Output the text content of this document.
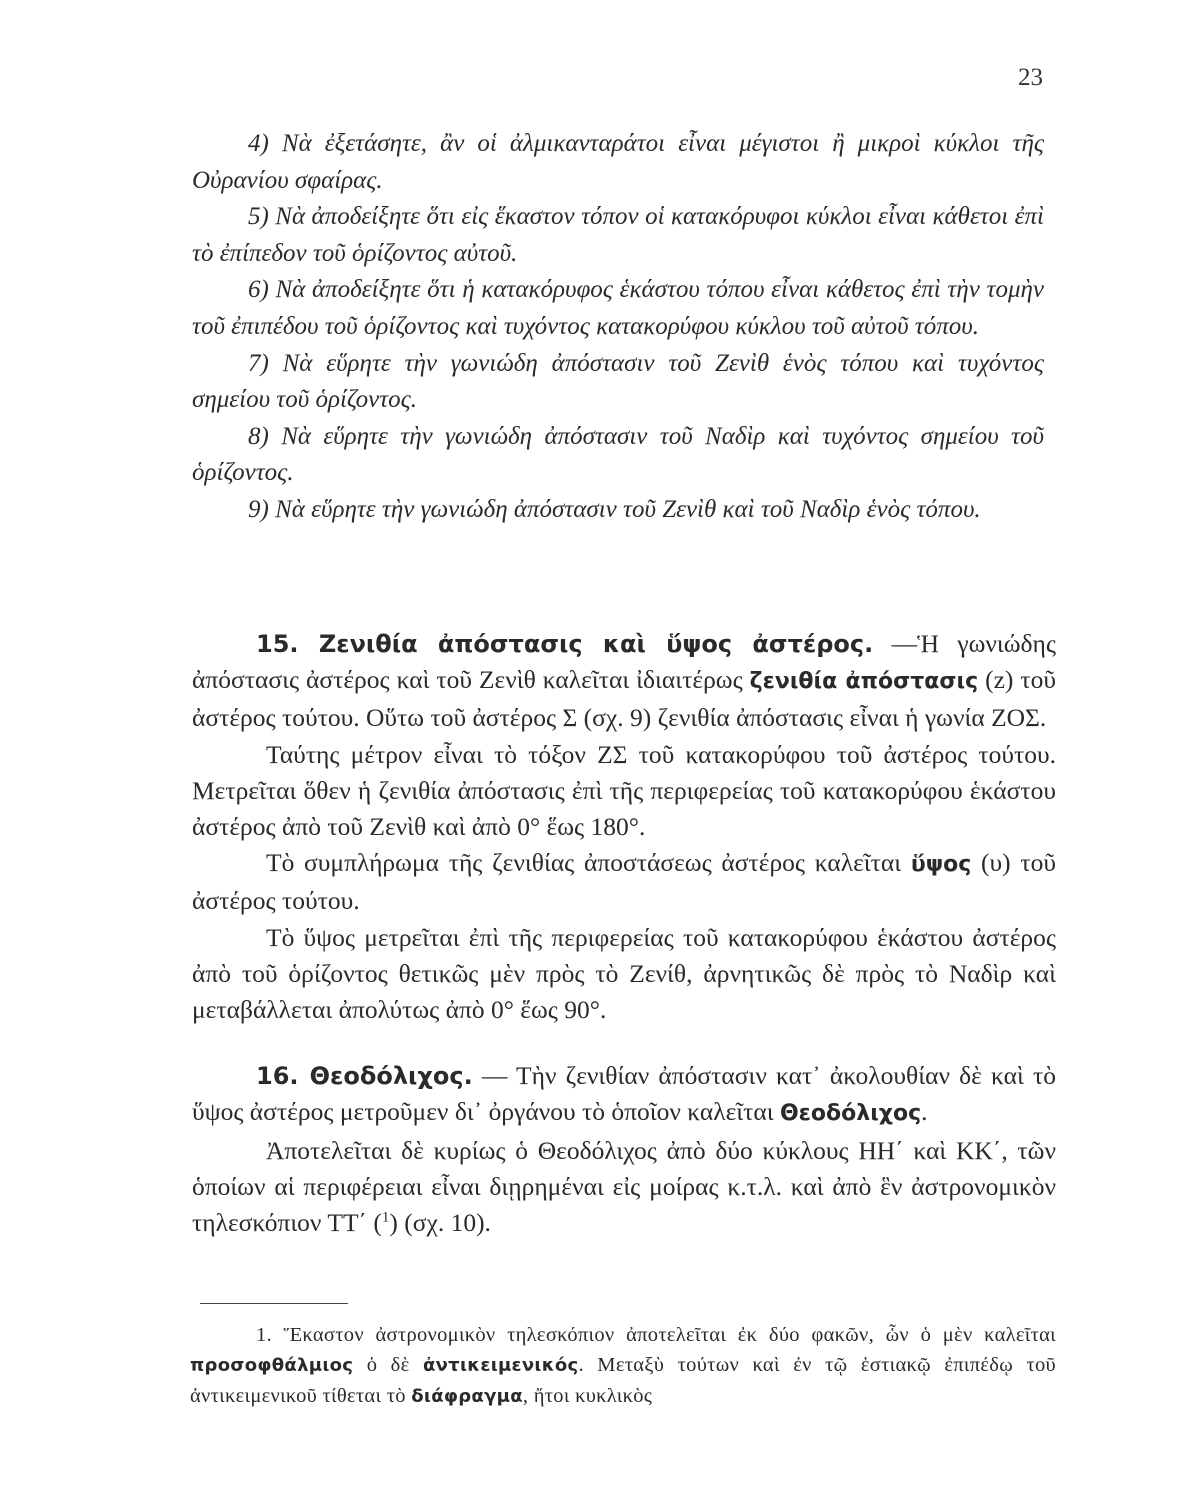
23

4) Νὰ ἐξετάσητε, ἂν οἱ ἀλμικανταράτοι εἶναι μέγιστοι ἢ μικροὶ κύκλοι τῆς Οὐρανίου σφαίρας.

5) Νὰ ἀποδείξητε ὅτι εἰς ἕκαστον τόπον οἱ κατακόρυφοι κύκλοι εἶναι κάθετοι ἐπὶ τὸ ἐπίπεδον τοῦ ὁρίζοντος αὐτοῦ.

6) Νὰ ἀποδείξητε ὅτι ἡ κατακόρυφος ἑκάστου τόπου εἶναι κάθετος ἐπὶ τὴν τομὴν τοῦ ἐπιπέδου τοῦ ὁρίζοντος καὶ τυχόντος κατακορύφου κύκλου τοῦ αὐτοῦ τόπου.

7) Νὰ εὕρητε τὴν γωνιώδη ἀπόστασιν τοῦ Ζενὶθ ἑνὸς τόπου καὶ τυχόντος σημείου τοῦ ὁρίζοντος.

8) Νὰ εὕρητε τὴν γωνιώδη ἀπόστασιν τοῦ Ναδὶρ καὶ τυχόντος σημείου τοῦ ὁρίζοντος.

9) Νὰ εὕρητε τὴν γωνιώδη ἀπόστασιν τοῦ Ζενὶθ καὶ τοῦ Ναδὶρ ἑνὸς τόπου.

15. Ζενιθία ἀπόστασις καὶ ὕψος ἀστέρος. —Ἡ γωνιώδης ἀπόστασις ἀστέρος καὶ τοῦ Ζενὶθ καλεῖται ἰδιαιτέρως ζενιθία ἀπόστασις (z) τοῦ ἀστέρος τούτου. Οὕτω τοῦ ἀστέρος Σ (σχ. 9) ζενιθία ἀπόστασις εἶναι ἡ γωνία ΖΟΣ.

Ταύτης μέτρον εἶναι τὸ τόξον ΖΣ τοῦ κατακορύφου τοῦ ἀστέρος τούτου. Μετρεῖται ὅθεν ἡ ζενιθία ἀπόστασις ἐπὶ τῆς περιφερείας τοῦ κατακορύφου ἑκάστου ἀστέρος ἀπὸ τοῦ Ζενὶθ καὶ ἀπὸ 0° ἕως 180°.

Τὸ συμπλήρωμα τῆς ζενιθίας ἀποστάσεως ἀστέρος καλεῖται ὕψος (υ) τοῦ ἀστέρος τούτου.

Τὸ ὕψος μετρεῖται ἐπὶ τῆς περιφερείας τοῦ κατακορύφου ἑκάστου ἀστέρος ἀπὸ τοῦ ὁρίζοντος θετικῶς μὲν πρὸς τὸ Ζενίθ, ἀρνητικῶς δὲ πρὸς τὸ Ναδὶρ καὶ μεταβάλλεται ἀπολύτως ἀπὸ 0° ἕως 90°.

16. Θεοδόλιχος. — Τὴν ζενιθίαν ἀπόστασιν κατ᾽ ἀκολουθίαν δὲ καὶ τὸ ὕψος ἀστέρος μετροῦμεν δι᾽ ὀργάνου τὸ ὁποῖον καλεῖται Θεοδόλιχος.

Ἀποτελεῖται δὲ κυρίως ὁ Θεοδόλιχος ἀπὸ δύο κύκλους ΗΗ΄ καὶ ΚΚ΄, τῶν ὁποίων αἱ περιφέρειαι εἶναι διῃρημέναι εἰς μοίρας κ.τ.λ. καὶ ἀπὸ ἓν ἀστρονομικὸν τηλεσκόπιον ΤΤ΄ ($^1$) (σχ. 10).

1. Ἕκαστον ἀστρονομικὸν τηλεσκόπιον ἀποτελεῖται ἐκ δύο φακῶν, ὧν ὁ μὲν καλεῖται προσοφθάλμιος ὁ δὲ ἀντικειμενικός. Μεταξὺ τούτων καὶ ἐν τῷ ἑστιακῷ ἐπιπέδῳ τοῦ ἀντικειμενικοῦ τίθεται τὸ διάφραγμα, ἤτοι κυκλικὸς
